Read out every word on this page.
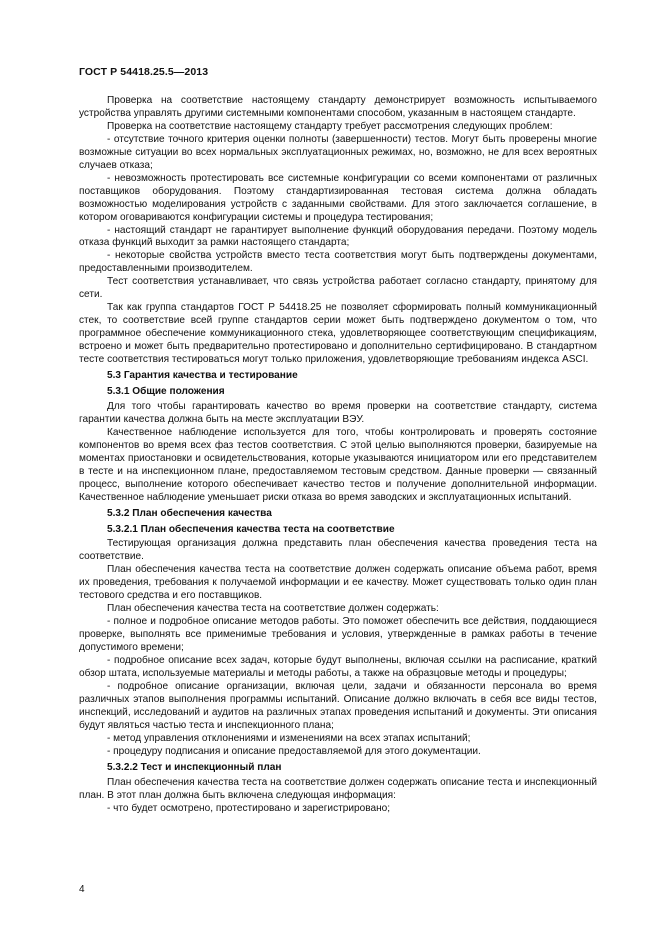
ГОСТ Р 54418.25.5—2013

Проверка на соответствие настоящему стандарту демонстрирует возможность испытываемого устройства управлять другими системными компонентами способом, указанным в настоящем стандарте.

Проверка на соответствие настоящему стандарту требует рассмотрения следующих проблем:

- отсутствие точного критерия оценки полноты (завершенности) тестов. Могут быть проверены многие возможные ситуации во всех нормальных эксплуатационных режимах, но, возможно, не для всех вероятных случаев отказа;

- невозможность протестировать все системные конфигурации со всеми компонентами от различных поставщиков оборудования. Поэтому стандартизированная тестовая система должна обладать возможностью моделирования устройств с заданными свойствами. Для этого заключается соглашение, в котором оговариваются конфигурации системы и процедура тестирования;

- настоящий стандарт не гарантирует выполнение функций оборудования передачи. Поэтому модель отказа функций выходит за рамки настоящего стандарта;

- некоторые свойства устройств вместо теста соответствия могут быть подтверждены документами, предоставленными производителем.

Тест соответствия устанавливает, что связь устройства работает согласно стандарту, принятому для сети.

Так как группа стандартов ГОСТ Р 54418.25 не позволяет сформировать полный коммуникационный стек, то соответствие всей группе стандартов серии может быть подтверждено документом о том, что программное обеспечение коммуникационного стека, удовлетворяющее соответствующим спецификациям, встроено и может быть предварительно протестировано и дополнительно сертифицировано. В стандартном тесте соответствия тестироваться могут только приложения, удовлетворяющие требованиям индекса ASCI.

5.3 Гарантия качества и тестирование

5.3.1 Общие положения

Для того чтобы гарантировать качество во время проверки на соответствие стандарту, система гарантии качества должна быть на месте эксплуатации ВЭУ.

Качественное наблюдение используется для того, чтобы контролировать и проверять состояние компонентов во время всех фаз тестов соответствия. С этой целью выполняются проверки, базируемые на моментах приостановки и освидетельствования, которые указываются инициатором или его представителем в тесте и на инспекционном плане, предоставляемом тестовым средством. Данные проверки — связанный процесс, выполнение которого обеспечивает качество тестов и получение дополнительной информации. Качественное наблюдение уменьшает риски отказа во время заводских и эксплуатационных испытаний.

5.3.2 План обеспечения качества

5.3.2.1 План обеспечения качества теста на соответствие

Тестирующая организация должна представить план обеспечения качества проведения теста на соответствие.

План обеспечения качества теста на соответствие должен содержать описание объема работ, время их проведения, требования к получаемой информации и ее качеству. Может существовать только один план тестового средства и его поставщиков.

План обеспечения качества теста на соответствие должен содержать:

- полное и подробное описание методов работы. Это поможет обеспечить все действия, поддающиеся проверке, выполнять все применимые требования и условия, утвержденные в рамках работы в течение допустимого времени;

- подробное описание всех задач, которые будут выполнены, включая ссылки на расписание, краткий обзор штата, используемые материалы и методы работы, а также на образцовые методы и процедуры;

- подробное описание организации, включая цели, задачи и обязанности персонала во время различных этапов выполнения программы испытаний. Описание должно включать в себя все виды тестов, инспекций, исследований и аудитов на различных этапах проведения испытаний и документы. Эти описания будут являться частью теста и инспекционного плана;

- метод управления отклонениями и изменениями на всех этапах испытаний;

- процедуру подписания и описание предоставляемой для этого документации.

5.3.2.2 Тест и инспекционный план

План обеспечения качества теста на соответствие должен содержать описание теста и инспекционный план. В этот план должна быть включена следующая информация:

- что будет осмотрено, протестировано и зарегистрировано;

4
